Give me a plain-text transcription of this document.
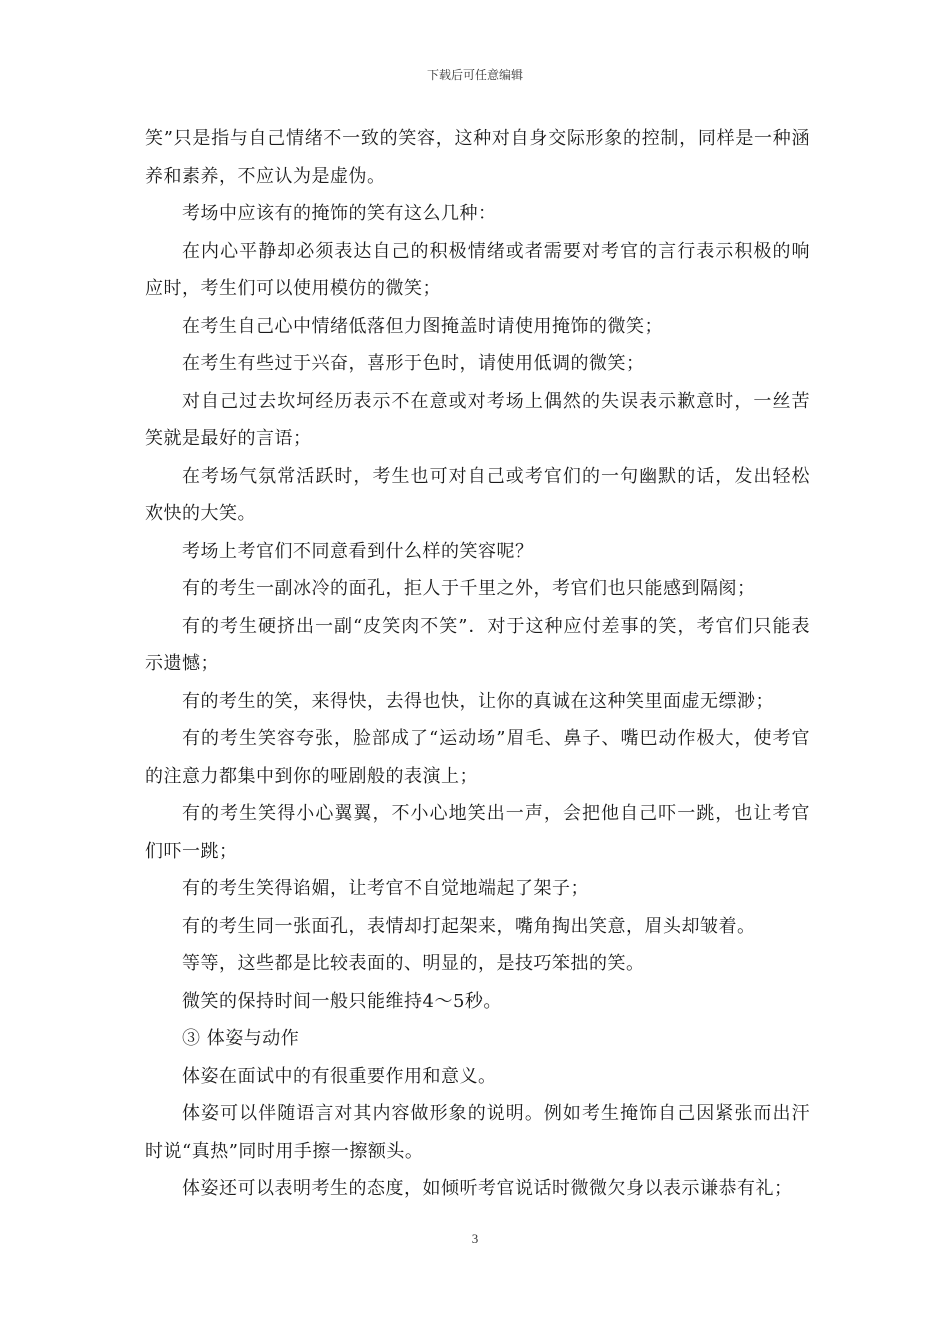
下载后可任意编辑

笑”只是指与自己情绪不一致的笑容，这种对自身交际形象的控制，同样是一种涵养和素养，不应认为是虚伪。

考场中应该有的掩饰的笑有这么几种：

在内心平静却必须表达自己的积极情绪或者需要对考官的言行表示积极的响应时，考生们可以使用模仿的微笑；

在考生自己心中情绪低落但力图掩盖时请使用掩饰的微笑；

在考生有些过于兴奋，喜形于色时，请使用低调的微笑；

对自己过去坎坷经历表示不在意或对考场上偶然的失误表示歉意时，一丝苦笑就是最好的言语；

在考场气氛常活跃时，考生也可对自己或考官们的一句幽默的话，发出轻松欢快的大笑。

考场上考官们不同意看到什么样的笑容呢？

有的考生一副冰冷的面孔，拒人于千里之外，考官们也只能感到隔阂；

有的考生硬挤出一副“皮笑肉不笑”．对于这种应付差事的笑，考官们只能表示遗憾；

有的考生的笑，来得快，去得也快，让你的真诚在这种笑里面虚无缥渺；

有的考生笑容夸张，脸部成了“运动场”眉毛、鼻子、嘴巴动作极大，使考官的注意力都集中到你的哑剧般的表演上；

有的考生笑得小心翼翼，不小心地笑出一声，会把他自己吓一跳，也让考官们吓一跳；

有的考生笑得谄媚，让考官不自觉地端起了架子；

有的考生同一张面孔，表情却打起架来，嘴角掏出笑意，眉头却皱着。

等等，这些都是比较表面的、明显的，是技巧笨拙的笑。

微笑的保持时间一般只能维持4～5秒。

③ 体姿与动作

体姿在面试中的有很重要作用和意义。

体姿可以伴随语言对其内容做形象的说明。例如考生掩饰自己因紧张而出汗时说“真热”同时用手擦一擦额头。

体姿还可以表明考生的态度，如倾听考官说话时微微欠身以表示谦恭有礼；

3
